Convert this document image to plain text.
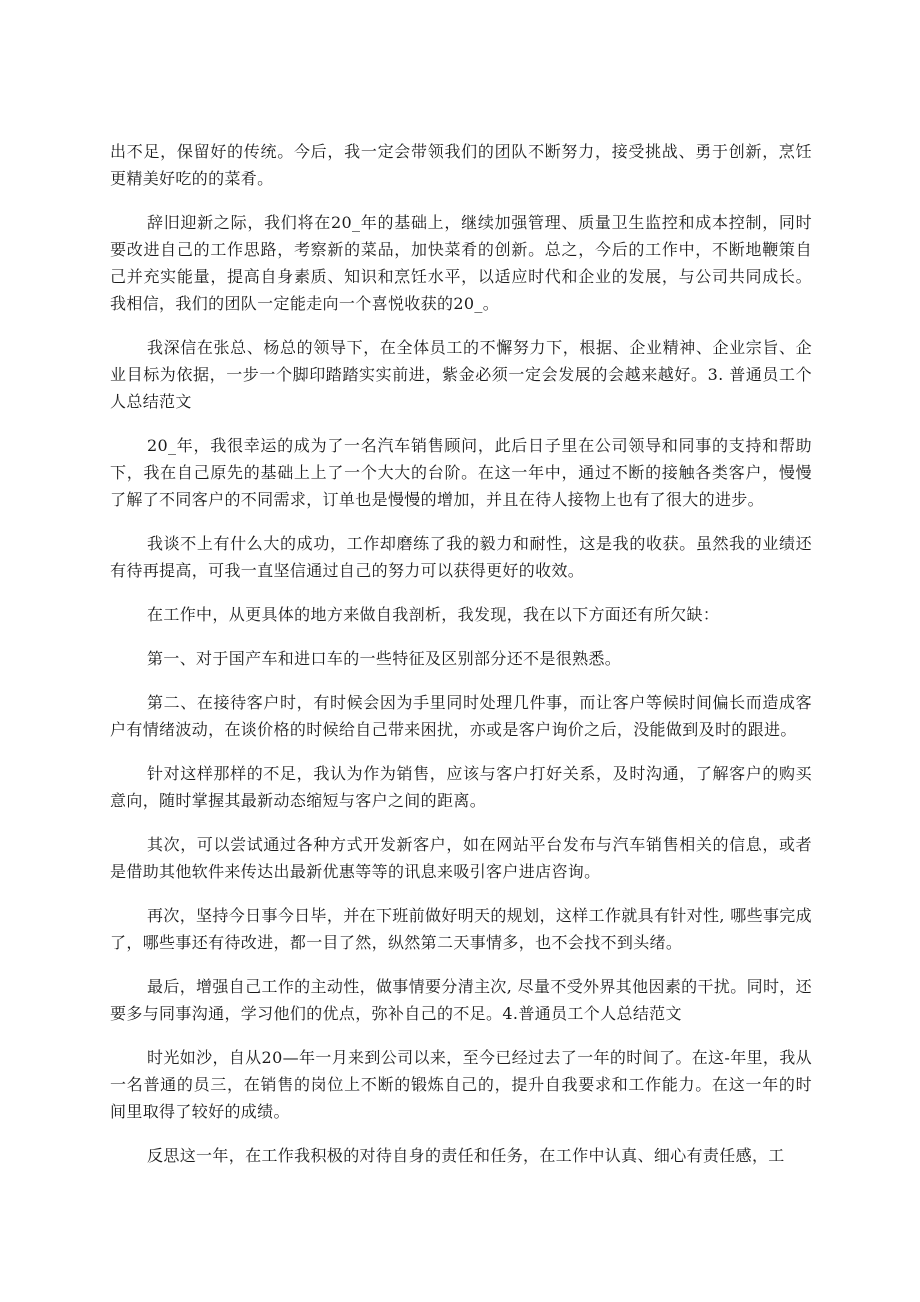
出不足，保留好的传统。今后，我一定会带领我们的团队不断努力，接受挑战、勇于创新，烹饪更精美好吃的的菜肴。

辞旧迎新之际，我们将在20_年的基础上，继续加强管理、质量卫生监控和成本控制，同时要改进自己的工作思路，考察新的菜品，加快菜肴的创新。总之，今后的工作中，不断地鞭策自己并充实能量，提高自身素质、知识和烹饪水平，以适应时代和企业的发展，与公司共同成长。我相信，我们的团队一定能走向一个喜悦收获的20_。

我深信在张总、杨总的领导下，在全体员工的不懈努力下，根据、企业精神、企业宗旨、企业目标为依据，一步一个脚印踏踏实实前进，紫金必须一定会发展的会越来越好。3. 普通员工个人总结范文

20_年，我很幸运的成为了一名汽车销售顾问，此后日子里在公司领导和同事的支持和帮助下，我在自己原先的基础上上了一个大大的台阶。在这一年中，通过不断的接触各类客户，慢慢了解了不同客户的不同需求，订单也是慢慢的增加，并且在待人接物上也有了很大的进步。

我谈不上有什么大的成功，工作却磨练了我的毅力和耐性，这是我的收获。虽然我的业绩还有待再提高，可我一直坚信通过自己的努力可以获得更好的收效。

在工作中，从更具体的地方来做自我剖析，我发现，我在以下方面还有所欠缺：

第一、对于国产车和进口车的一些特征及区别部分还不是很熟悉。

第二、在接待客户时，有时候会因为手里同时处理几件事，而让客户等候时间偏长而造成客户有情绪波动，在谈价格的时候给自己带来困扰，亦或是客户询价之后，没能做到及时的跟进。

针对这样那样的不足，我认为作为销售，应该与客户打好关系，及时沟通，了解客户的购买意向，随时掌握其最新动态缩短与客户之间的距离。

其次，可以尝试通过各种方式开发新客户，如在网站平台发布与汽车销售相关的信息，或者是借助其他软件来传达出最新优惠等等的讯息来吸引客户进店咨询。

再次，坚持今日事今日毕，并在下班前做好明天的规划，这样工作就具有针对性, 哪些事完成了，哪些事还有待改进，都一目了然，纵然第二天事情多，也不会找不到头绪。

最后，增强自己工作的主动性，做事情要分清主次, 尽量不受外界其他因素的干扰。同时，还要多与同事沟通，学习他们的优点，弥补自己的不足。4.普通员工个人总结范文

时光如沙，自从20—年一月来到公司以来，至今已经过去了一年的时间了。在这-年里，我从一名普通的员三，在销售的岗位上不断的锻炼自己的，提升自我要求和工作能力。在这一年的时间里取得了较好的成绩。

反思这一年，在工作我积极的对待自身的责任和任务，在工作中认真、细心有责任感，工
